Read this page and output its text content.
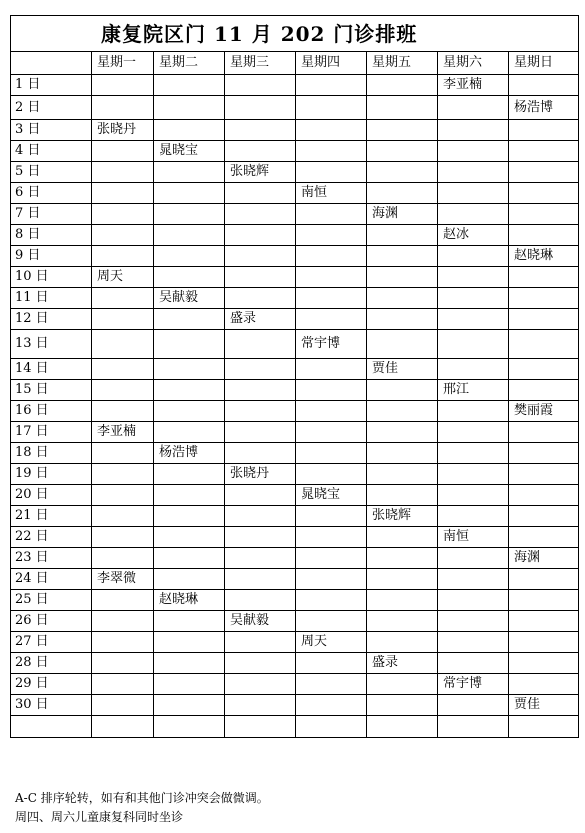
康复院区门 11 月 202 门诊排班							
	星期一	星期二	星期三	星期四	星期五	星期六	星期日
1 日						李亚楠	
2 日							杨浩博
3 日	张晓丹						
4 日		晁晓宝					
5 日			张晓辉				
6 日				南恒			
7 日					海渊		
8 日						赵冰	
9 日							赵晓琳
10 日	周天						
11 日		吴献毅					
12 日			盛录				
13 日				常宇博			
14 日					贾佳		
15 日						邢江	
16 日							樊丽霞
17 日	李亚楠						
18 日		杨浩博					
19 日			张晓丹				
20 日				晁晓宝			
21 日					张晓辉		
22 日						南恒	
23 日							海渊
24 日	李翠微						
25 日		赵晓琳					
26 日			吴献毅				
27 日				周天			
28 日					盛录		
29 日						常宇博	
30 日							贾佳

A-C 排序轮转，如有和其他门诊冲突会做微调。
周四、周六儿童康复科同时坐诊
